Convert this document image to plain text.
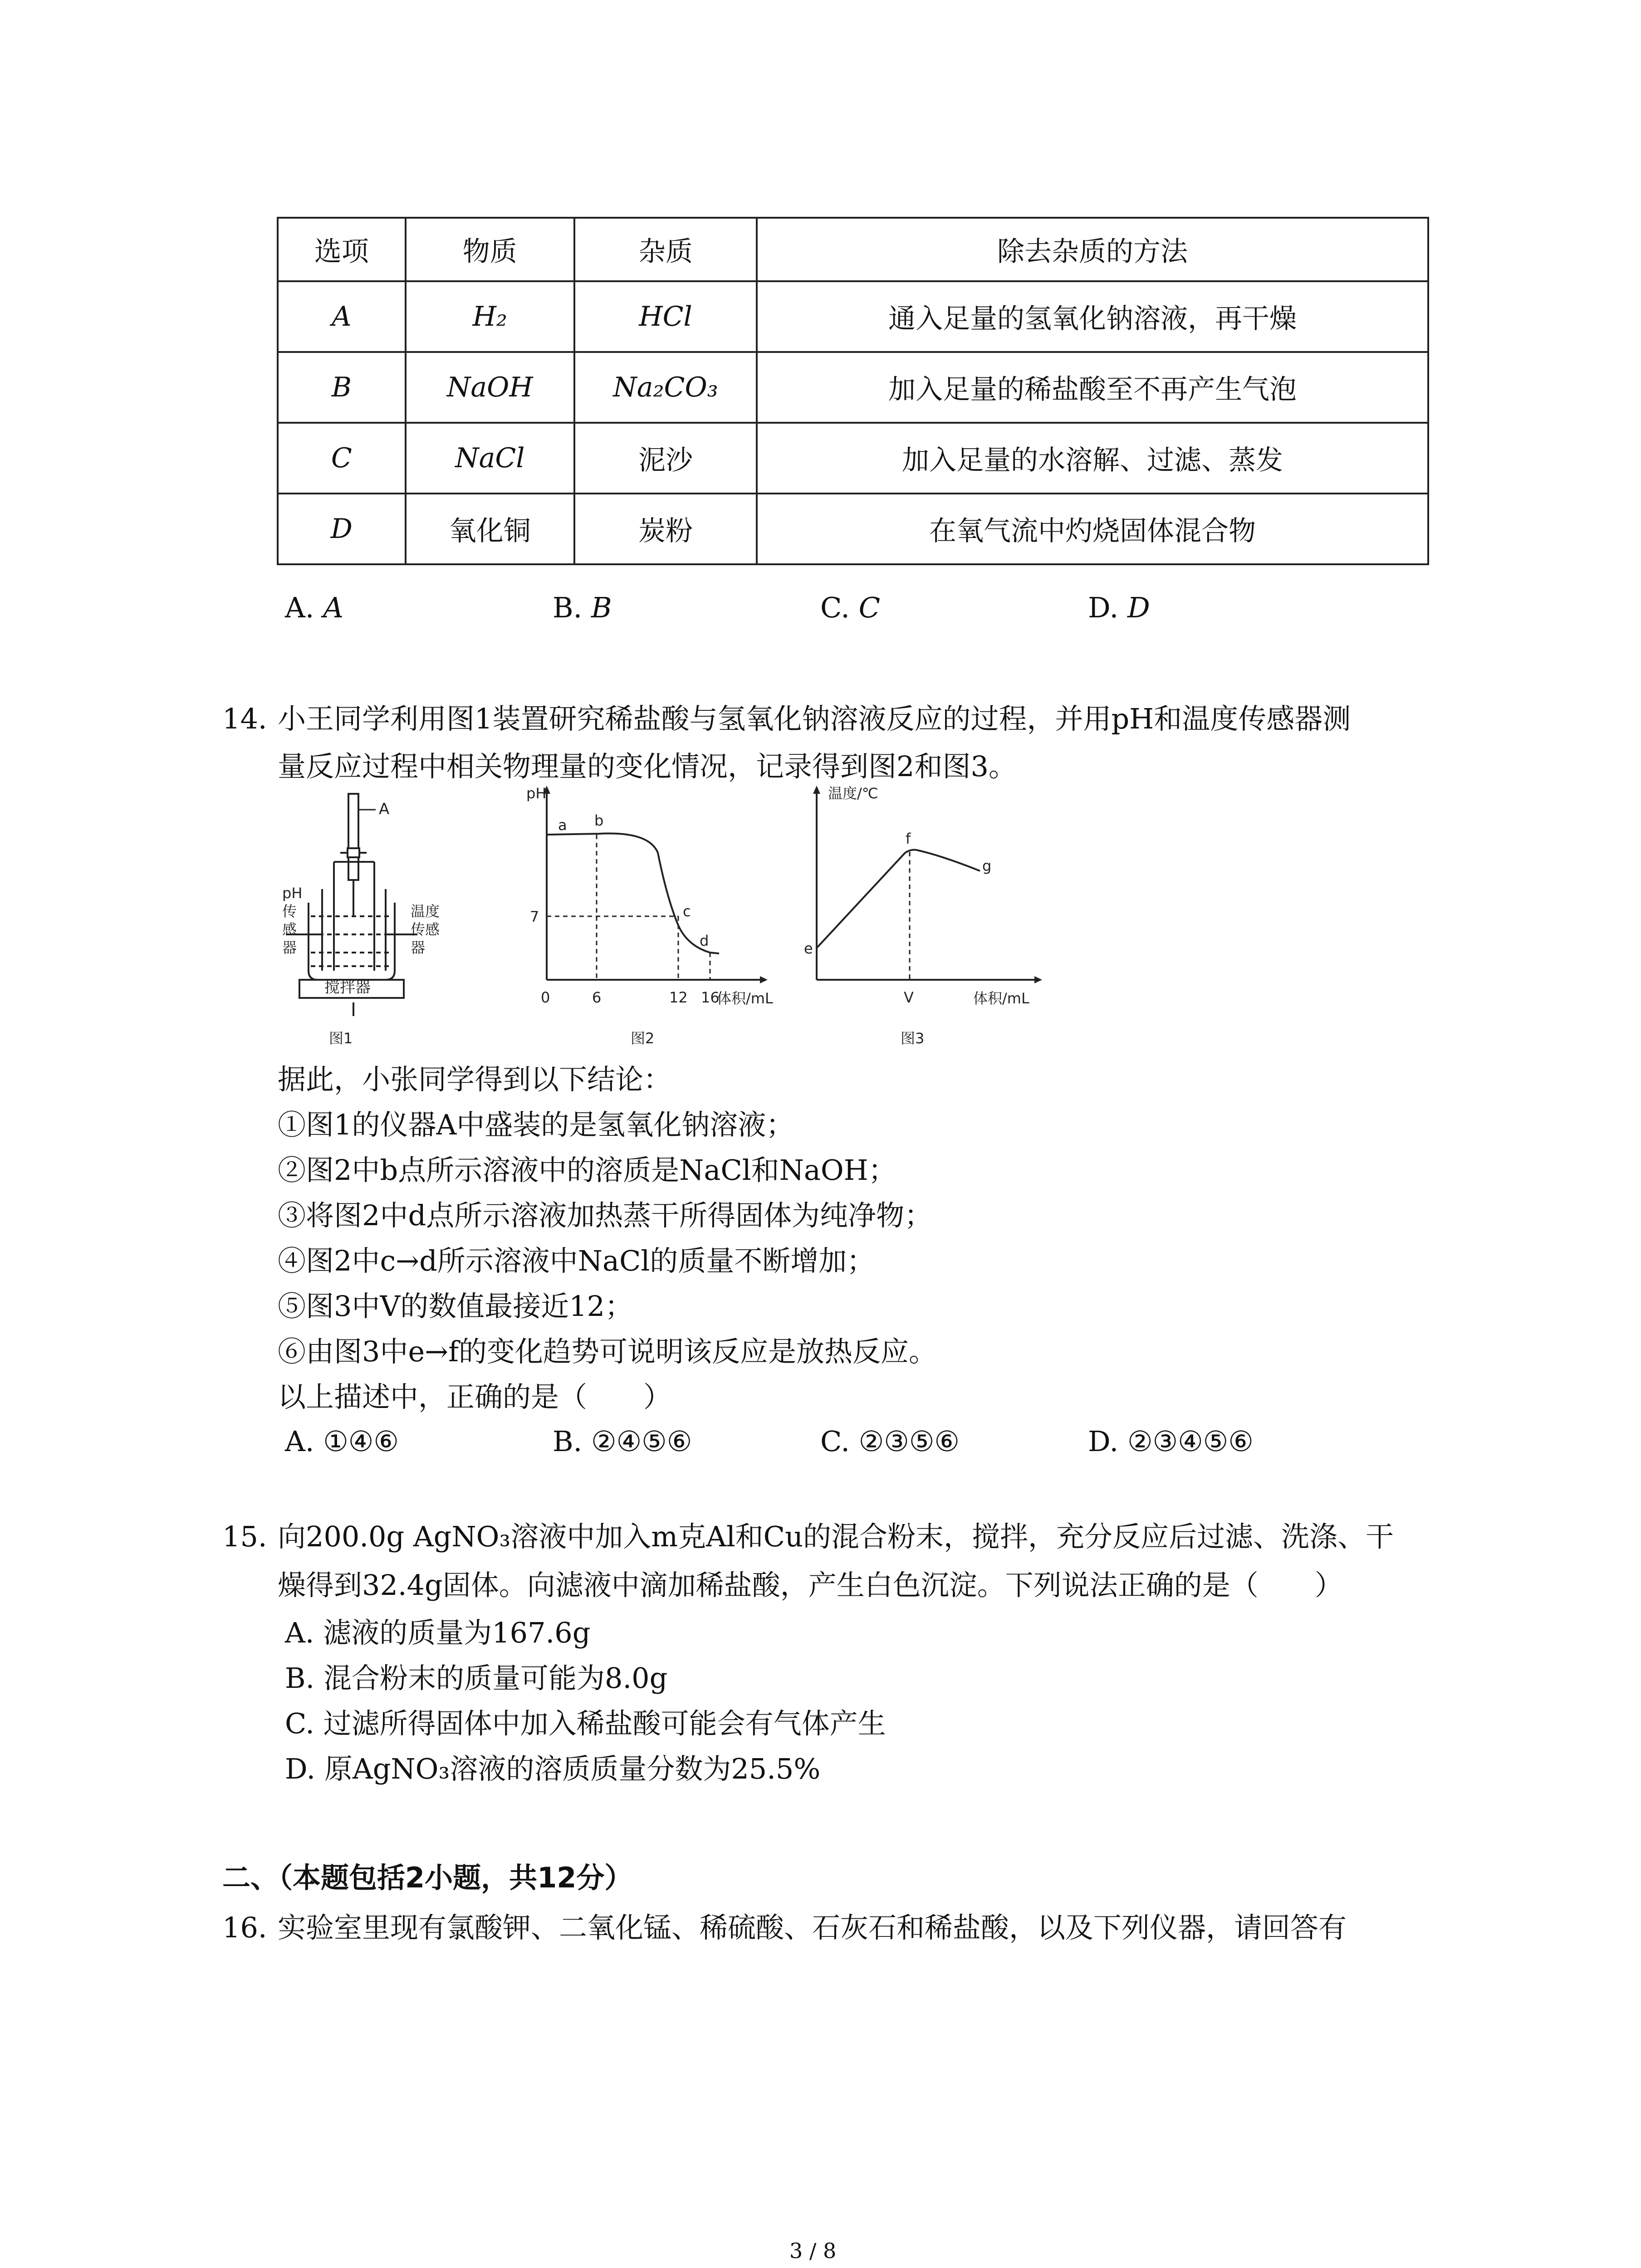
选项	物质	杂质	除去杂质的方法
A	H₂	HCl	通入足量的氢氧化钠溶液，再干燥
B	NaOH	Na₂CO₃	加入足量的稀盐酸至不再产生气泡
C	NaCl	泥沙	加入足量的水溶解、过滤、蒸发
D	氧化铜	炭粉	在氧气流中灼烧固体混合物
A. A	B. B	C. C	D. D
14. 小王同学利用图1装置研究稀盐酸与氢氧化钠溶液反应的过程，并用pH和温度传感器测
量反应过程中相关物理量的变化情况，记录得到图2和图3。
A
pH
传
感
器
温度
传感
器
搅拌器
图1
pH
a b
c
d
7
0	6	12 16
体积/mL
图2
温度/℃
e
f
g
V	体积/mL
图3
据此，小张同学得到以下结论：
①图1的仪器A中盛装的是氢氧化钠溶液；
②图2中b点所示溶液中的溶质是NaCl和NaOH；
③将图2中d点所示溶液加热蒸干所得固体为纯净物；
④图2中c→d所示溶液中NaCl的质量不断增加；
⑤图3中V的数值最接近12；
⑥由图3中e→f的变化趋势可说明该反应是放热反应。
以上描述中，正确的是（　　）
A. ①④⑥	B. ②④⑤⑥	C. ②③⑤⑥	D. ②③④⑤⑥
15. 向200.0g AgNO₃溶液中加入m克Al和Cu的混合粉末，搅拌，充分反应后过滤、洗涤、干
燥得到32.4g固体。向滤液中滴加稀盐酸，产生白色沉淀。下列说法正确的是（　　）
A. 滤液的质量为167.6g
B. 混合粉末的质量可能为8.0g
C. 过滤所得固体中加入稀盐酸可能会有气体产生
D. 原AgNO₃溶液的溶质质量分数为25.5%
二、（本题包括2小题，共12分）
16. 实验室里现有氯酸钾、二氧化锰、稀硫酸、石灰石和稀盐酸，以及下列仪器，请回答有
3 / 8
